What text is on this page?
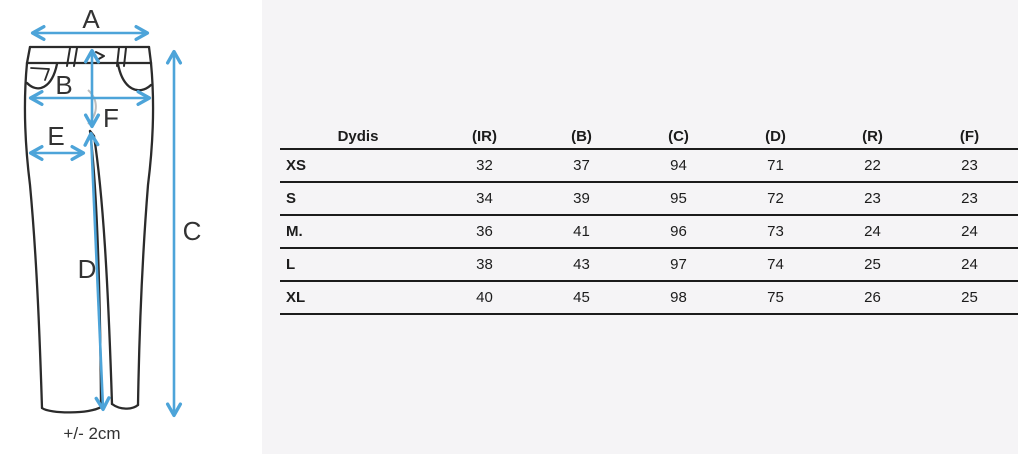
A
B
C
D
E
F
+/- 2cm
Dydis	(IR)	(B)	(C)	(D)	(R)	(F)
XS	32	37	94	71	22	23
S	34	39	95	72	23	23
M.	36	41	96	73	24	24
L	38	43	97	74	25	24
XL	40	45	98	75	26	25
